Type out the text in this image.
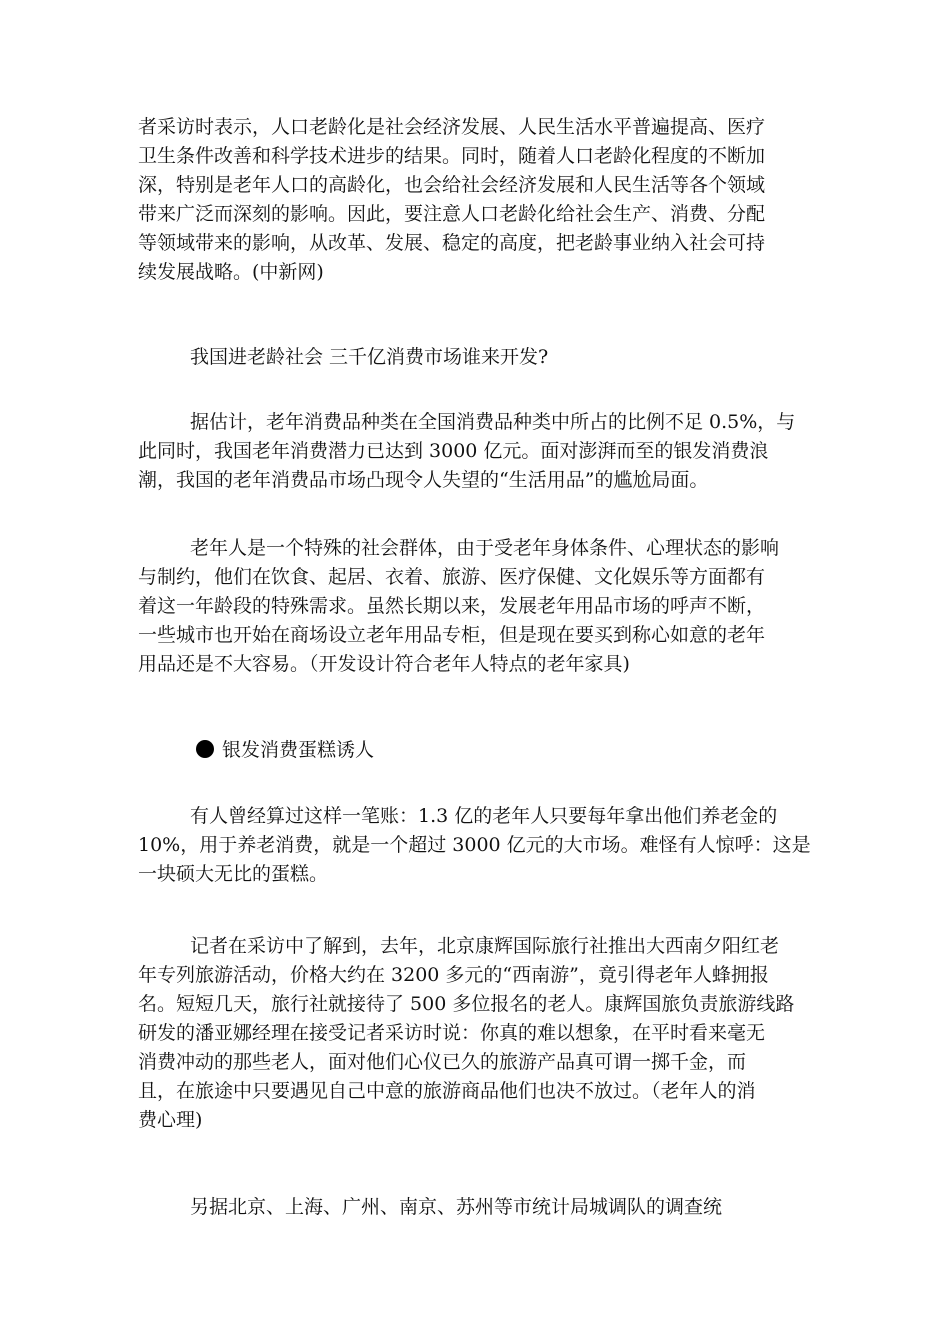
者采访时表示，人口老龄化是社会经济发展、人民生活水平普遍提高、医疗
卫生条件改善和科学技术进步的结果。同时，随着人口老龄化程度的不断加
深，特别是老年人口的高龄化，也会给社会经济发展和人民生活等各个领域
带来广泛而深刻的影响。因此，要注意人口老龄化给社会生产、消费、分配
等领域带来的影响，从改革、发展、稳定的高度，把老龄事业纳入社会可持
续发展战略。(中新网)
我国进老龄社会 三千亿消费市场谁来开发?
据估计，老年消费品种类在全国消费品种类中所占的比例不足 0.5%，与
此同时，我国老年消费潜力已达到 3000 亿元。面对澎湃而至的银发消费浪
潮，我国的老年消费品市场凸现令人失望的“生活用品”的尴尬局面。
老年人是一个特殊的社会群体，由于受老年身体条件、心理状态的影响
与制约，他们在饮食、起居、衣着、旅游、医疗保健、文化娱乐等方面都有
着这一年龄段的特殊需求。虽然长期以来，发展老年用品市场的呼声不断，
一些城市也开始在商场设立老年用品专柜，但是现在要买到称心如意的老年
用品还是不大容易。（开发设计符合老年人特点的老年家具)
银发消费蛋糕诱人
有人曾经算过这样一笔账：1.3 亿的老年人只要每年拿出他们养老金的
10%，用于养老消费，就是一个超过 3000 亿元的大市场。难怪有人惊呼：这是
一块硕大无比的蛋糕。
记者在采访中了解到，去年，北京康辉国际旅行社推出大西南夕阳红老
年专列旅游活动，价格大约在 3200 多元的“西南游”，竟引得老年人蜂拥报
名。短短几天，旅行社就接待了 500 多位报名的老人。康辉国旅负责旅游线路
研发的潘亚娜经理在接受记者采访时说：你真的难以想象，在平时看来毫无
消费冲动的那些老人，面对他们心仪已久的旅游产品真可谓一掷千金，而
且，在旅途中只要遇见自己中意的旅游商品他们也决不放过。（老年人的消
费心理)
另据北京、上海、广州、南京、苏州等市统计局城调队的调查统
